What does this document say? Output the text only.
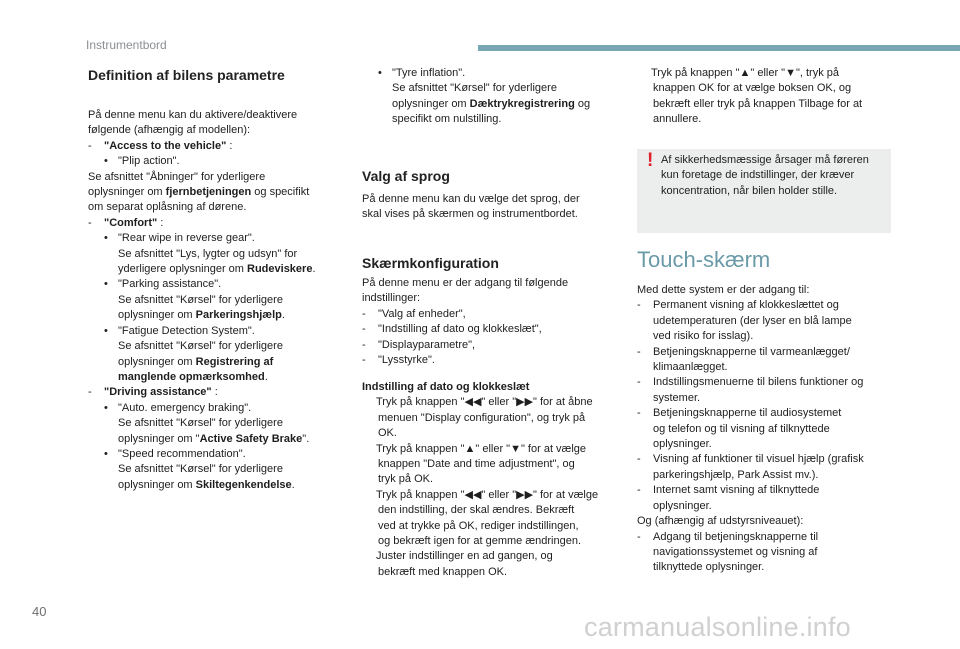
Instrumentbord
Definition af bilens parametre
På denne menu kan du aktivere/deaktivere
følgende (afhængig af modellen):
- "Access to the vehicle" :
• "Plip action".
Se afsnittet "Åbninger" for yderligere
oplysninger om fjernbetjeningen og specifikt
om separat oplåsning af dørene.
- "Comfort" :
• "Rear wipe in reverse gear".
Se afsnittet "Lys, lygter og udsyn" for
yderligere oplysninger om Rudeviskere.
• "Parking assistance".
Se afsnittet "Kørsel" for yderligere
oplysninger om Parkeringshjælp.
• "Fatigue Detection System".
Se afsnittet "Kørsel" for yderligere
oplysninger om Registrering af
manglende opmærksomhed.
- "Driving assistance" :
• "Auto. emergency braking".
Se afsnittet "Kørsel" for yderligere
oplysninger om "Active Safety Brake".
• "Speed recommendation".
Se afsnittet "Kørsel" for yderligere
oplysninger om Skiltegenkendelse.
• "Tyre inflation".
Se afsnittet "Kørsel" for yderligere
oplysninger om Dæktrykregistrering og
specifikt om nulstilling.
Valg af sprog
På denne menu kan du vælge det sprog, der
skal vises på skærmen og instrumentbordet.
Skærmkonfiguration
På denne menu er der adgang til følgende
indstillinger:
- "Valg af enheder",
- "Indstilling af dato og klokkeslæt",
- "Displayparametre",
- "Lysstyrke".
Indstilling af dato og klokkeslæt
Tryk på knappen "◀◀" eller "▶▶" for at åbne
menuen "Display configuration", og tryk på
OK.
Tryk på knappen "▲" eller "▼" for at vælge
knappen "Date and time adjustment", og
tryk på OK.
Tryk på knappen "◀◀" eller "▶▶" for at vælge
den indstilling, der skal ændres. Bekræft
ved at trykke på OK, rediger indstillingen,
og bekræft igen for at gemme ændringen.
Juster indstillinger en ad gangen, og
bekræft med knappen OK.
Tryk på knappen "▲" eller "▼", tryk på
knappen OK for at vælge boksen OK, og
bekræft eller tryk på knappen Tilbage for at
annullere.
! Af sikkerhedsmæssige årsager må føreren
kun foretage de indstillinger, der kræver
koncentration, når bilen holder stille.
Touch-skærm
Med dette system er der adgang til:
- Permanent visning af klokkeslættet og
udetemperaturen (der lyser en blå lampe
ved risiko for isslag).
- Betjeningsknapperne til varmeanlægget/
klimaanlægget.
- Indstillingsmenuerne til bilens funktioner og
systemer.
- Betjeningsknapperne til audiosystemet
og telefon og til visning af tilknyttede
oplysninger.
- Visning af funktioner til visuel hjælp (grafisk
parkeringshjælp, Park Assist mv.).
- Internet samt visning af tilknyttede
oplysninger.
Og (afhængig af udstyrsniveauet):
- Adgang til betjeningsknapperne til
navigationssystemet og visning af
tilknyttede oplysninger.
40
carmanualsonline.info
